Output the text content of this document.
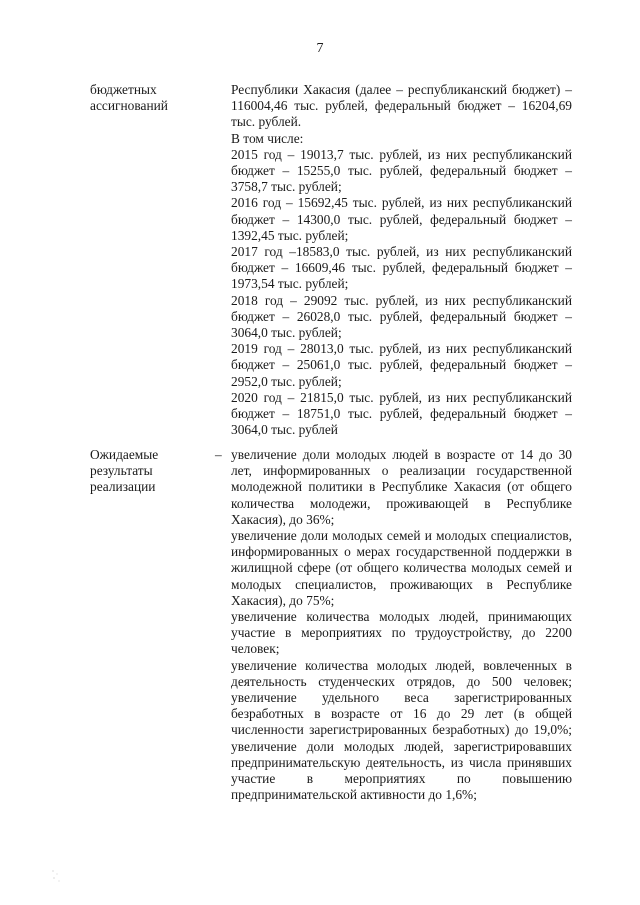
7
бюджетных
ассигнований

Республики Хакасия (далее – республиканский бюджет) – 116004,46 тыс. рублей, федеральный бюджет – 16204,69 тыс. рублей.

В том числе:

2015 год – 19013,7 тыс. рублей, из них республиканский бюджет – 15255,0 тыс. рублей, федеральный бюджет – 3758,7 тыс. рублей;

2016 год – 15692,45 тыс. рублей, из них республиканский бюджет – 14300,0 тыс. рублей, федеральный бюджет – 1392,45 тыс. рублей;

2017 год –18583,0 тыс. рублей, из них республиканский бюджет – 16609,46 тыс. рублей, федеральный бюджет – 1973,54 тыс. рублей;

2018 год – 29092 тыс. рублей, из них республиканский бюджет – 26028,0 тыс. рублей, федеральный бюджет – 3064,0 тыс. рублей;

2019 год – 28013,0 тыс. рублей, из них республиканский бюджет – 25061,0 тыс. рублей, федеральный бюджет – 2952,0 тыс. рублей;

2020 год – 21815,0 тыс. рублей, из них республиканский бюджет – 18751,0 тыс. рублей, федеральный бюджет – 3064,0 тыс. рублей

Ожидаемые
результаты
реализации
– увеличение доли молодых людей в возрасте от 14 до 30 лет, информированных о реализации государственной молодежной политики в Республике Хакасия (от общего количества молодежи, проживающей в Республике Хакасия), до 36%;

увеличение доли молодых семей и молодых специалистов, информированных о мерах государственной поддержки в жилищной сфере (от общего количества молодых семей и молодых специалистов, проживающих в Республике Хакасия), до 75%;

увеличение количества молодых людей, принимающих участие в мероприятиях по трудоустройству, до 2200 человек;

увеличение количества молодых людей, вовлеченных в деятельность студенческих отрядов, до 500 человек; увеличение удельного веса зарегистрированных безработных в возрасте от 16 до 29 лет (в общей численности зарегистрированных безработных) до 19,0%; увеличение доли молодых людей, зарегистрировавших предпринимательскую деятельность, из числа принявших участие в мероприятиях по повышению предпринимательской активности до 1,6%;
